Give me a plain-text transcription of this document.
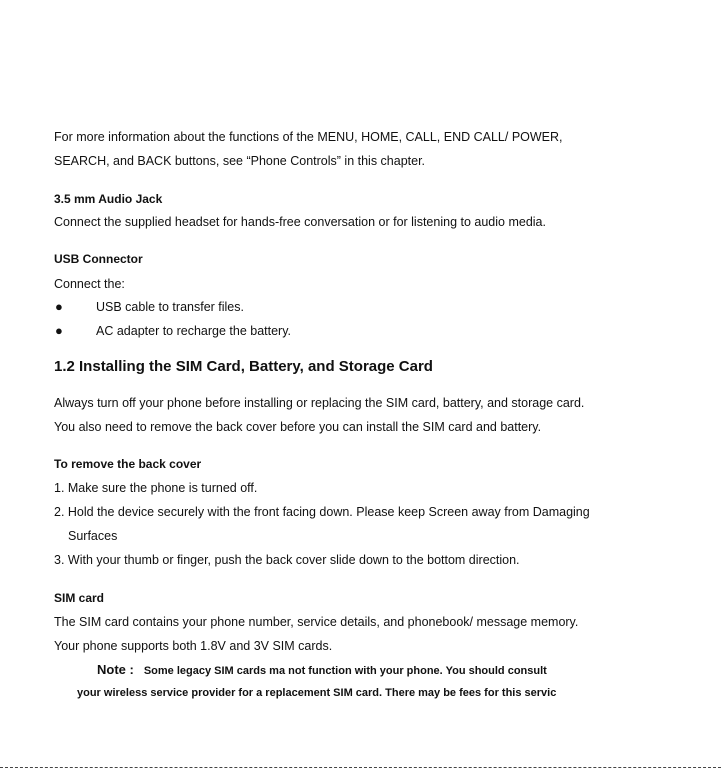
For more information about the functions of the MENU, HOME, CALL, END CALL/ POWER,
SEARCH, and BACK buttons, see “Phone Controls” in this chapter.
3.5 mm Audio Jack
Connect the supplied headset for hands-free conversation or for listening to audio media.
USB Connector
Connect the:
●	USB cable to transfer files.
●	AC adapter to recharge the battery.
1.2 Installing the SIM Card, Battery, and Storage Card
Always turn off your phone before installing or replacing the SIM card, battery, and storage card.
You also need to remove the back cover before you can install the SIM card and battery.
To remove the back cover
1. Make sure the phone is turned off.
2. Hold the device securely with the front facing down. Please keep Screen away from Damaging
Surfaces
3. With your thumb or finger, push the back cover slide down to the bottom direction.
SIM card
The SIM card contains your phone number, service details, and phonebook/ message memory.
Your phone supports both 1.8V and 3V SIM cards.
Note : Some legacy SIM cards ma not function with your phone. You should consult
your wireless service provider for a replacement SIM card. There may be fees for this servic
